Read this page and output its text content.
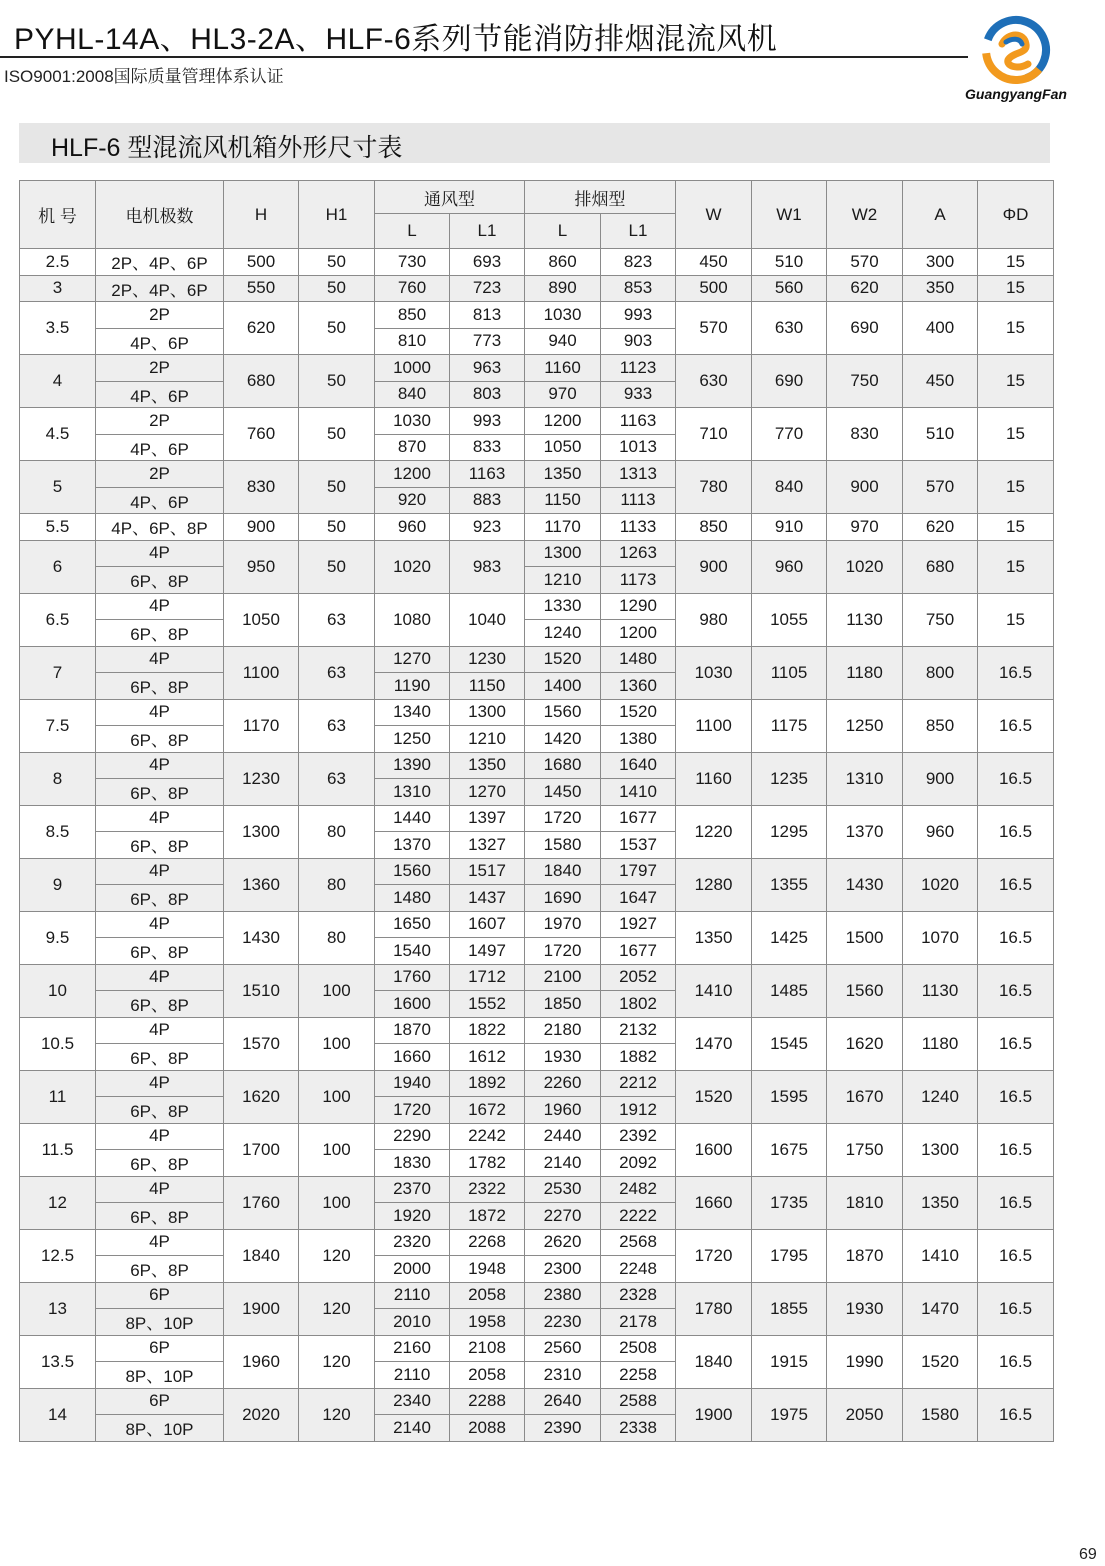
PYHL-14A、HL3-2A、HLF-6系列节能消防排烟混流风机
ISO9001:2008国际质量管理体系认证
GuangyangFan
HLF-6 型混流风机箱外形尺寸表
机 号	电机极数	H	H1	通风型		排烟型		W	W1	W2	A	ΦD
				L	L1	L	L1					
2.5	2P、4P、6P	500	50	730	693	860	823	450	510	570	300	15
3	2P、4P、6P	550	50	760	723	890	853	500	560	620	350	15
3.5	2P	620	50	850	813	1030	993	570	630	690	400	15
	4P、6P			810	773	940	903					
4	2P	680	50	1000	963	1160	1123	630	690	750	450	15
	4P、6P			840	803	970	933					
4.5	2P	760	50	1030	993	1200	1163	710	770	830	510	15
	4P、6P			870	833	1050	1013					
5	2P	830	50	1200	1163	1350	1313	780	840	900	570	15
	4P、6P			920	883	1150	1113					
5.5	4P、6P、8P	900	50	960	923	1170	1133	850	910	970	620	15
6	4P	950	50	1020	983	1300	1263	900	960	1020	680	15
	6P、8P					1210	1173					
6.5	4P	1050	63	1080	1040	1330	1290	980	1055	1130	750	15
	6P、8P					1240	1200					
7	4P	1100	63	1270	1230	1520	1480	1030	1105	1180	800	16.5
	6P、8P			1190	1150	1400	1360					
7.5	4P	1170	63	1340	1300	1560	1520	1100	1175	1250	850	16.5
	6P、8P			1250	1210	1420	1380					
8	4P	1230	63	1390	1350	1680	1640	1160	1235	1310	900	16.5
	6P、8P			1310	1270	1450	1410					
8.5	4P	1300	80	1440	1397	1720	1677	1220	1295	1370	960	16.5
	6P、8P			1370	1327	1580	1537					
9	4P	1360	80	1560	1517	1840	1797	1280	1355	1430	1020	16.5
	6P、8P			1480	1437	1690	1647					
9.5	4P	1430	80	1650	1607	1970	1927	1350	1425	1500	1070	16.5
	6P、8P			1540	1497	1720	1677					
10	4P	1510	100	1760	1712	2100	2052	1410	1485	1560	1130	16.5
	6P、8P			1600	1552	1850	1802					
10.5	4P	1570	100	1870	1822	2180	2132	1470	1545	1620	1180	16.5
	6P、8P			1660	1612	1930	1882					
11	4P	1620	100	1940	1892	2260	2212	1520	1595	1670	1240	16.5
	6P、8P			1720	1672	1960	1912					
11.5	4P	1700	100	2290	2242	2440	2392	1600	1675	1750	1300	16.5
	6P、8P			1830	1782	2140	2092					
12	4P	1760	100	2370	2322	2530	2482	1660	1735	1810	1350	16.5
	6P、8P			1920	1872	2270	2222					
12.5	4P	1840	120	2320	2268	2620	2568	1720	1795	1870	1410	16.5
	6P、8P			2000	1948	2300	2248					
13	6P	1900	120	2110	2058	2380	2328	1780	1855	1930	1470	16.5
	8P、10P			2010	1958	2230	2178					
13.5	6P	1960	120	2160	2108	2560	2508	1840	1915	1990	1520	16.5
	8P、10P			2110	2058	2310	2258					
14	6P	2020	120	2340	2288	2640	2588	1900	1975	2050	1580	16.5
	8P、10P			2140	2088	2390	2338					
69
